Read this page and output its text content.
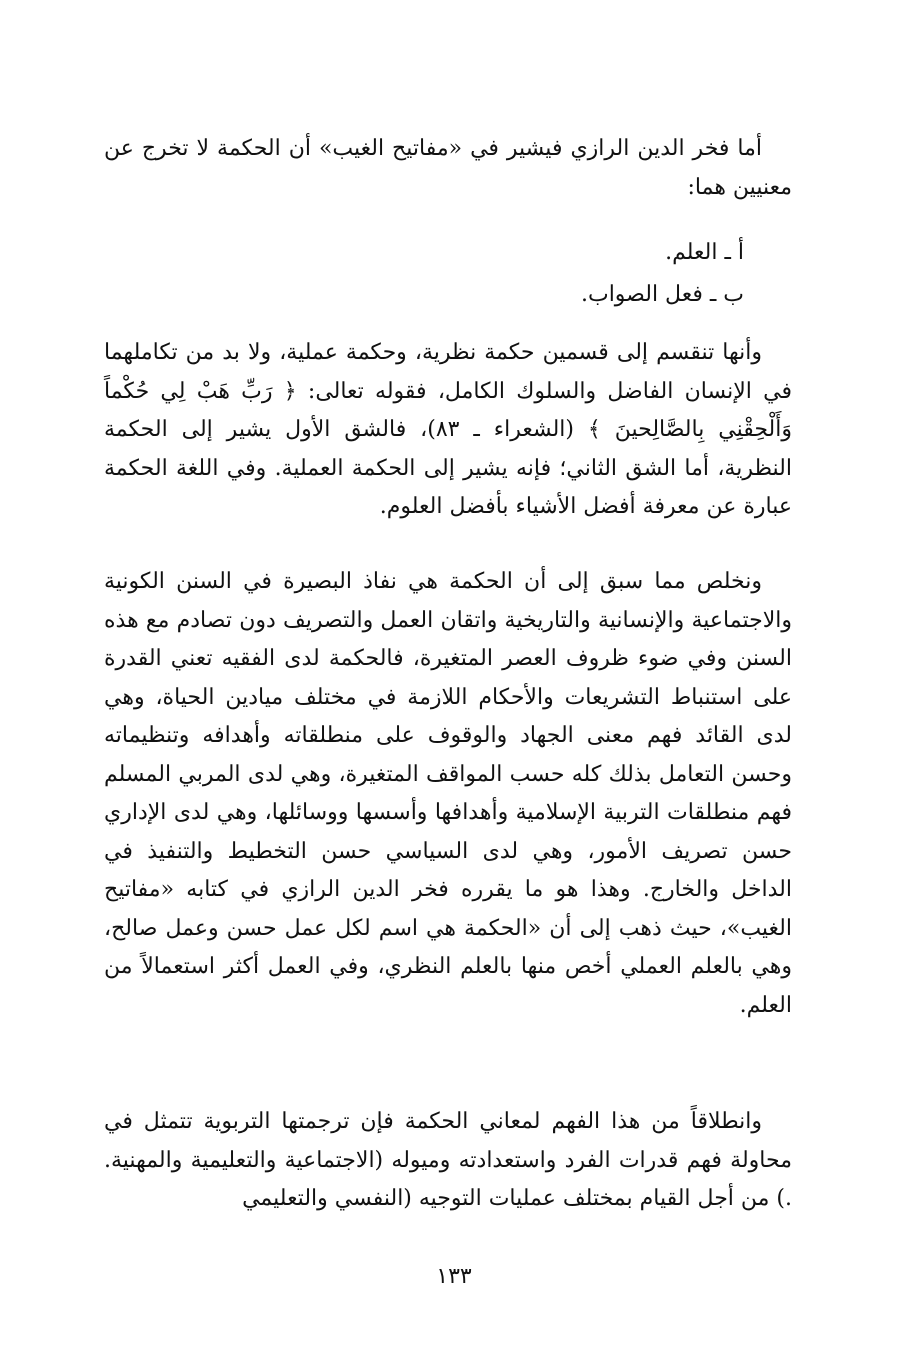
أما فخر الدين الرازي فيشير في «مفاتيح الغيب» أن الحكمة لا تخرج عن معنيين هما:

أ ـ العلم.
ب ـ فعل الصواب.

وأنها تنقسم إلى قسمين حكمة نظرية، وحكمة عملية، ولا بد من تكاملهما في الإنسان الفاضل والسلوك الكامل، فقوله تعالى: ﴿ رَبِّ هَبْ لِي حُكْماً وَأَلْحِقْنِي بِالصَّالِحينَ ﴾ (الشعراء ـ ٨٣)، فالشق الأول يشير إلى الحكمة النظرية، أما الشق الثاني؛ فإنه يشير إلى الحكمة العملية. وفي اللغة الحكمة عبارة عن معرفة أفضل الأشياء بأفضل العلوم.

ونخلص مما سبق إلى أن الحكمة هي نفاذ البصيرة في السنن الكونية والاجتماعية والإنسانية والتاريخية واتقان العمل والتصريف دون تصادم مع هذه السنن وفي ضوء ظروف العصر المتغيرة، فالحكمة لدى الفقيه تعني القدرة على استنباط التشريعات والأحكام اللازمة في مختلف ميادين الحياة، وهي لدى القائد فهم معنى الجهاد والوقوف على منطلقاته وأهدافه وتنظيماته وحسن التعامل بذلك كله حسب المواقف المتغيرة، وهي لدى المربي المسلم فهم منطلقات التربية الإسلامية وأهدافها وأسسها ووسائلها، وهي لدى الإداري حسن تصريف الأمور، وهي لدى السياسي حسن التخطيط والتنفيذ في الداخل والخارج. وهذا هو ما يقرره فخر الدين الرازي في كتابه «مفاتيح الغيب»، حيث ذهب إلى أن «الحكمة هي اسم لكل عمل حسن وعمل صالح، وهي بالعلم العملي أخص منها بالعلم النظري، وفي العمل أكثر استعمالاً من العلم.

وانطلاقاً من هذا الفهم لمعاني الحكمة فإن ترجمتها التربوية تتمثل في محاولة فهم قدرات الفرد واستعدادته وميوله (الاجتماعية والتعليمية والمهنية. .) من أجل القيام بمختلف عمليات التوجيه (النفسي والتعليمي

١٣٣
